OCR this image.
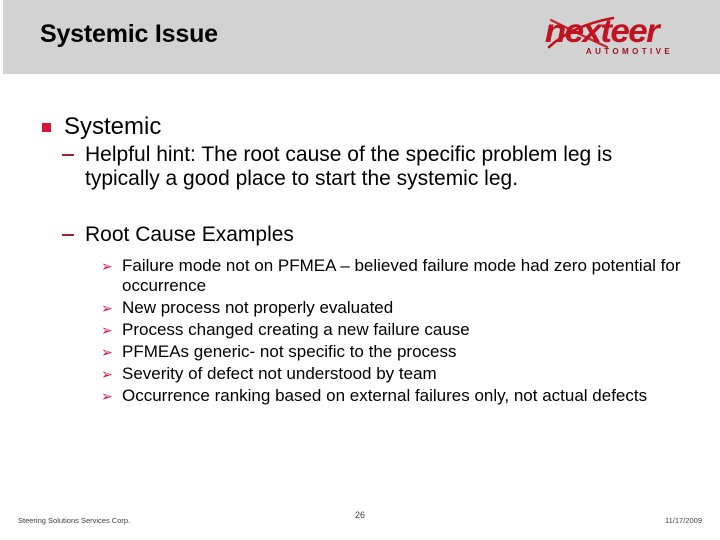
Systemic Issue	nexteer
AUTOMOTIVE
Systemic
Helpful hint: The root cause of the specific problem leg is typically a good place to start the systemic leg.
Root Cause Examples
➢ Failure mode not on PFMEA – believed failure mode had zero potential for occurrence
➢ New process not properly evaluated
➢ Process changed creating a new failure cause
➢ PFMEAs generic- not specific to the process
➢ Severity of defect not understood by team
➢ Occurrence ranking based on external failures only, not actual defects
Steering Solutions Services Corp.
26
11/17/2009
